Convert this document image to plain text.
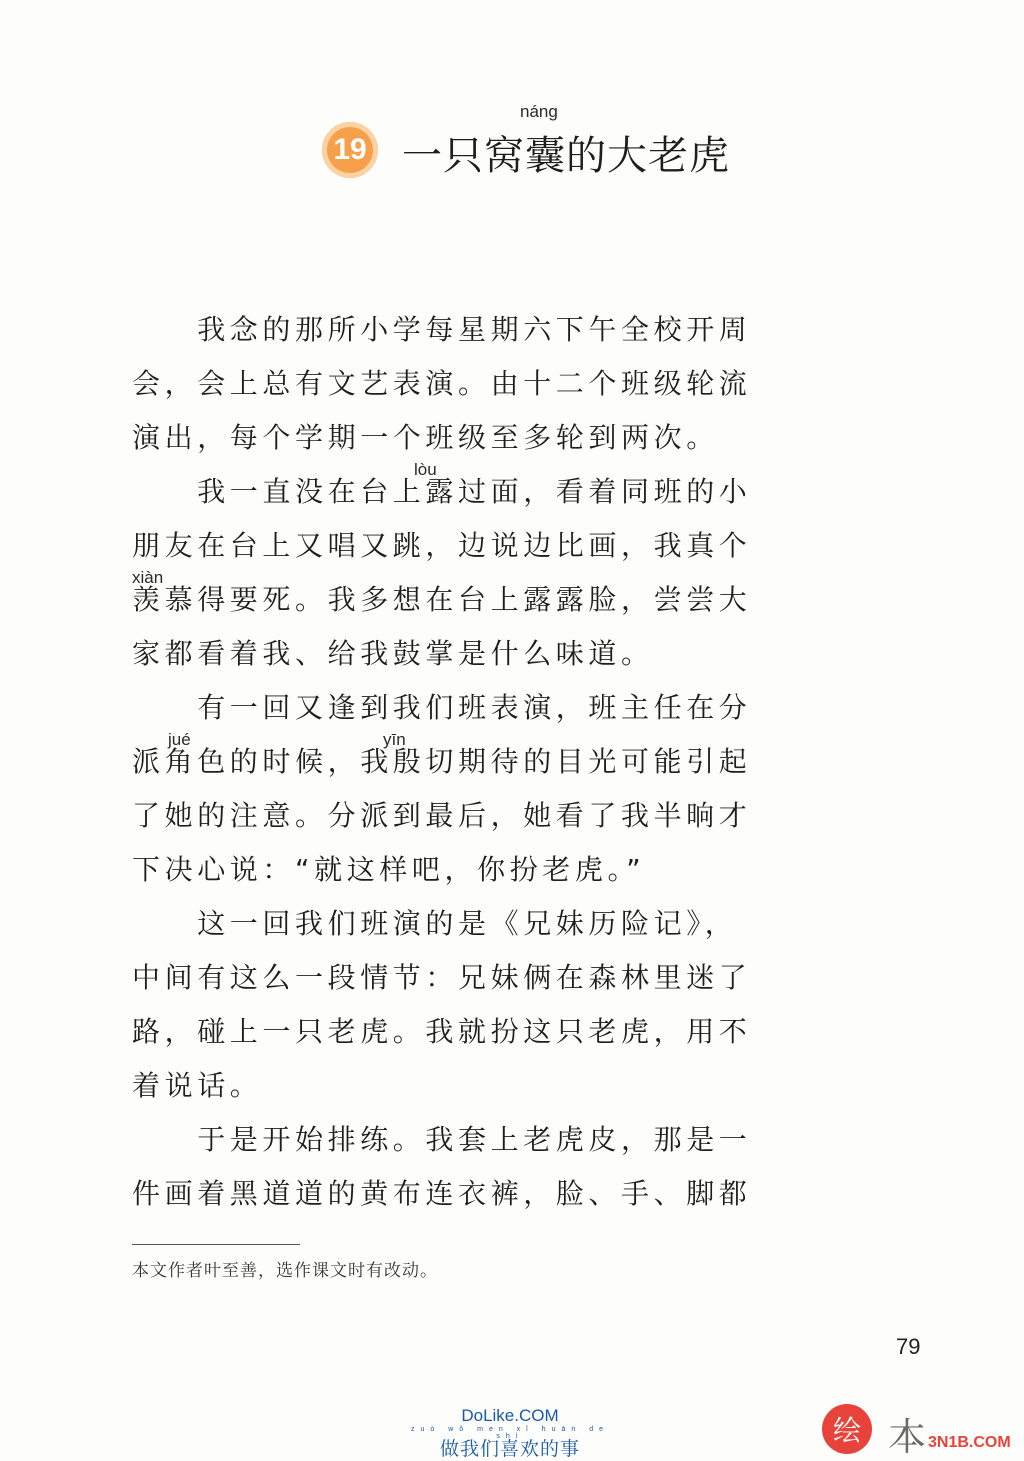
19
náng
一只窝囊的大老虎
　　我念的那所小学每星期六下午全校开周
会，会上总有文艺表演。由十二个班级轮流
演出，每个学期一个班级至多轮到两次。
lòu
　　我一直没在台上露过面，看着同班的小
朋友在台上又唱又跳，边说边比画，我真个
xiàn
羡慕得要死。我多想在台上露露脸，尝尝大
家都看着我、给我鼓掌是什么味道。
　　有一回又逢到我们班表演，班主任在分
jué	yīn
派角色的时候，我殷切期待的目光可能引起
了她的注意。分派到最后，她看了我半晌才
下决心说：“就这样吧，你扮老虎。”
　　这一回我们班演的是《兄妹历险记》，
中间有这么一段情节：兄妹俩在森林里迷了
路，碰上一只老虎。我就扮这只老虎，用不
着说话。
　　于是开始排练。我套上老虎皮，那是一
件画着黑道道的黄布连衣裤，脸、手、脚都
本文作者叶至善，选作课文时有改动。
79
DoLike.COM
zuò wǒ men xǐ huān de shì
做我们喜欢的事
绘 本 3N1B.COM
